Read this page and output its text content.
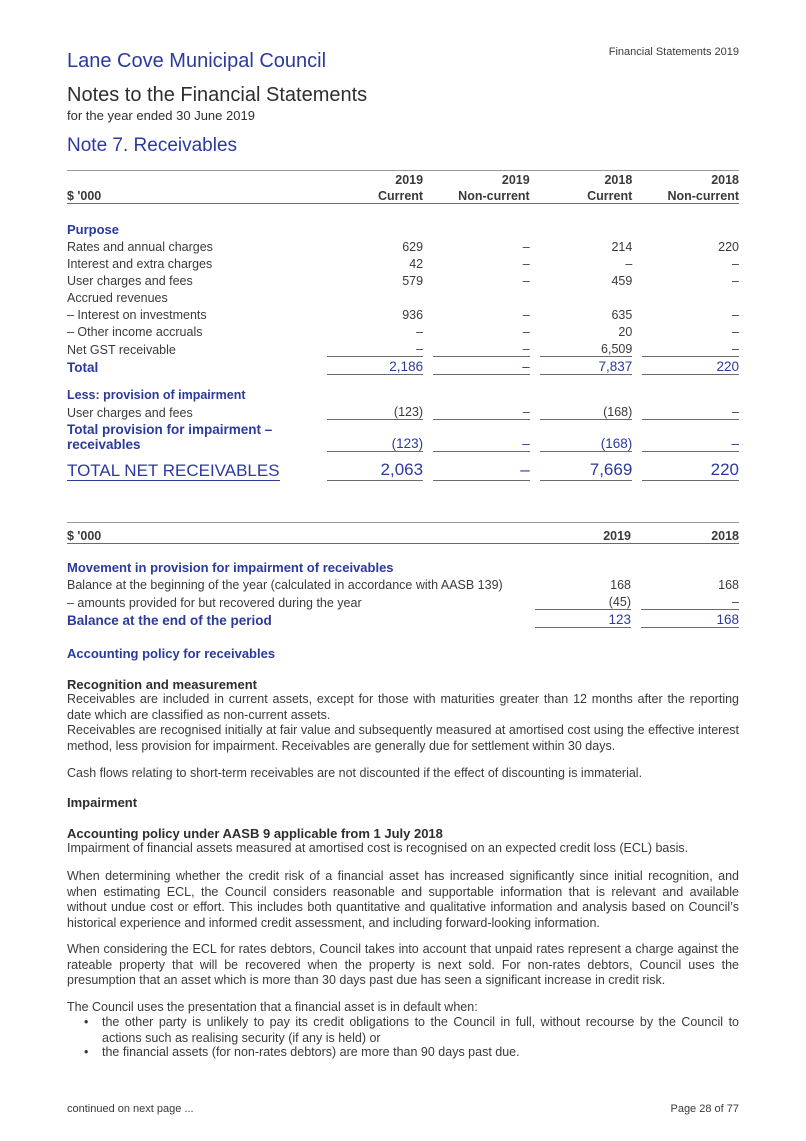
Financial Statements 2019
Lane Cove Municipal Council
Notes to the Financial Statements
for the year ended 30 June 2019
Note 7. Receivables
	2019		2019		2018		2018
$ '000	Current		Non-current		Current		Non-current

Purpose							
Rates and annual charges	629		–		214		220
Interest and extra charges	42		–		–		–
User charges and fees	579		–		459		–
Accrued revenues							
– Interest on investments	936		–		635		–
– Other income accruals	–		–		20		–
Net GST receivable	–		–		6,509		–
Total	2,186		–		7,837		220

Less: provision of impairment							
User charges and fees	(123)		–		(168)		–
Total provision for impairment –
receivables	(123)		–		(168)		–

TOTAL NET RECEIVABLES	2,063		–		7,669		220
$ '000	2019		2018

Movement in provision for impairment of receivables			
Balance at the beginning of the year (calculated in accordance with AASB 139)	168		168
– amounts provided for but recovered during the year	(45)		–
Balance at the end of the period	123		168
Accounting policy for receivables
Recognition and measurement
Receivables are included in current assets, except for those with maturities greater than 12 months after the reporting date which are classified as non-current assets.
Receivables are recognised initially at fair value and subsequently measured at amortised cost using the effective interest method, less provision for impairment. Receivables are generally due for settlement within 30 days.
Cash flows relating to short-term receivables are not discounted if the effect of discounting is immaterial.
Impairment
Accounting policy under AASB 9 applicable from 1 July 2018
Impairment of financial assets measured at amortised cost is recognised on an expected credit loss (ECL) basis.
When determining whether the credit risk of a financial asset has increased significantly since initial recognition, and when estimating ECL, the Council considers reasonable and supportable information that is relevant and available without undue cost or effort. This includes both quantitative and qualitative information and analysis based on Council’s historical experience and informed credit assessment, and including forward-looking information.
When considering the ECL for rates debtors, Council takes into account that unpaid rates represent a charge against the rateable property that will be recovered when the property is next sold. For non-rates debtors, Council uses the presumption that an asset which is more than 30 days past due has seen a significant increase in credit risk.
The Council uses the presentation that a financial asset is in default when:
• the other party is unlikely to pay its credit obligations to the Council in full, without recourse by the Council to actions such as realising security (if any is held) or
• the financial assets (for non-rates debtors) are more than 90 days past due.
continued on next page ...	Page 28 of 77
